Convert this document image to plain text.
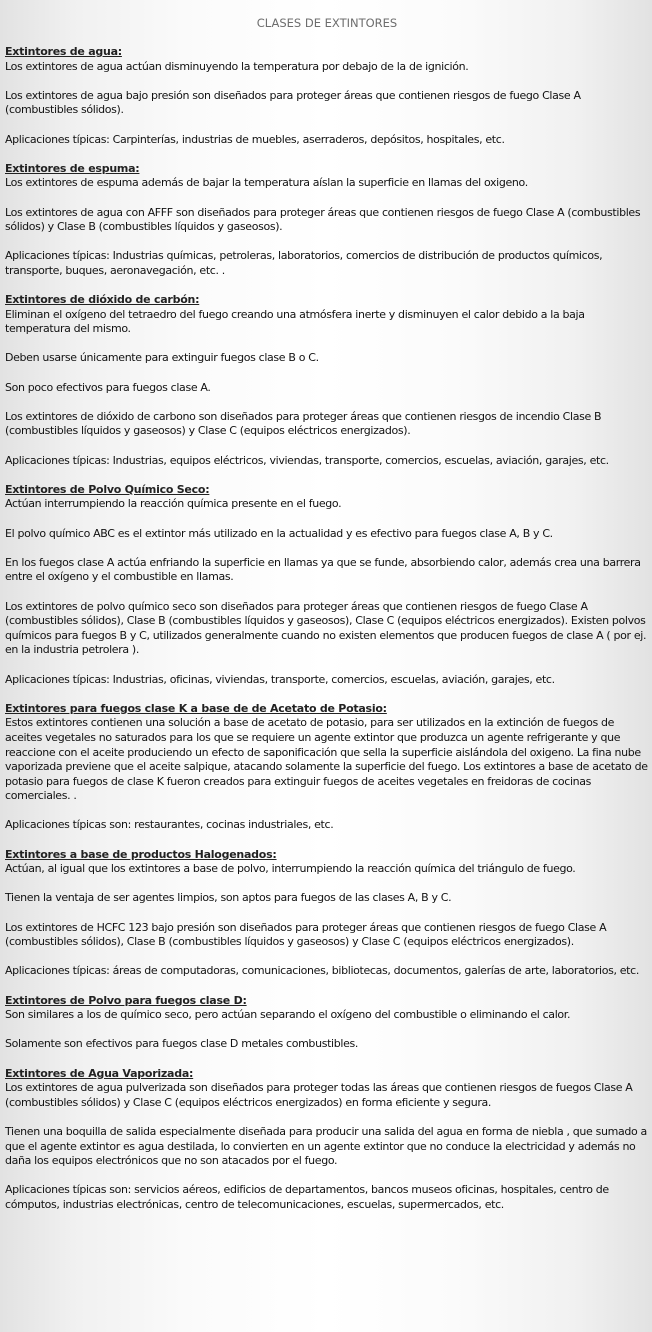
CLASES DE EXTINTORES
Extintores de agua:

Los extintores de agua actúan disminuyendo la temperatura por debajo de la de ignición.

Los extintores de agua bajo presión son diseñados para proteger áreas que contienen riesgos de fuego Clase A (combustibles sólidos).

Aplicaciones típicas: Carpinterías, industrias de muebles, aserraderos, depósitos, hospitales, etc.

Extintores de espuma:

Los extintores de espuma además de bajar la temperatura aíslan la superficie en llamas del oxigeno.

Los extintores de agua con AFFF son diseñados para proteger áreas que contienen riesgos de fuego Clase A (combustibles sólidos) y Clase B (combustibles líquidos y gaseosos).

Aplicaciones típicas: Industrias químicas, petroleras, laboratorios, comercios de distribución de productos químicos, transporte, buques, aeronavegación, etc. .

Extintores de dióxido de carbón:

Eliminan el oxígeno del tetraedro del fuego creando una atmósfera inerte y disminuyen el calor debido a la baja temperatura del mismo.

Deben usarse únicamente para extinguir fuegos clase B o C.

Son poco efectivos para fuegos clase A.

Los extintores de dióxido de carbono son diseñados para proteger áreas que contienen riesgos de incendio Clase B (combustibles líquidos y gaseosos) y Clase C (equipos eléctricos energizados).

Aplicaciones típicas: Industrias, equipos eléctricos, viviendas, transporte, comercios, escuelas, aviación, garajes, etc.

Extintores de Polvo Químico Seco:

Actúan interrumpiendo la reacción química presente en el fuego.

El polvo químico ABC es el extintor más utilizado en la actualidad y es efectivo para fuegos clase A, B y C.

En los fuegos clase A actúa enfriando la superficie en llamas ya que se funde, absorbiendo calor, además crea una barrera entre el oxígeno y el combustible en llamas.

Los extintores de polvo químico seco son diseñados para proteger áreas que contienen riesgos de fuego Clase A (combustibles sólidos), Clase B (combustibles líquidos y gaseosos), Clase C (equipos eléctricos energizados). Existen polvos químicos para fuegos B y C, utilizados generalmente cuando no existen elementos que producen fuegos de clase A ( por ej. en la industria petrolera ).

Aplicaciones típicas: Industrias, oficinas, viviendas, transporte, comercios, escuelas, aviación, garajes, etc.

Extintores para fuegos clase K a base de de Acetato de Potasio:

Estos extintores contienen una solución a base de acetato de potasio, para ser utilizados en la extinción de fuegos de aceites vegetales no saturados para los que se requiere un agente extintor que produzca un agente refrigerante y que reaccione con el aceite produciendo un efecto de saponificación que sella la superficie aislándola del oxigeno. La fina nube vaporizada previene que el aceite salpique, atacando solamente la superficie del fuego. Los extintores a base de acetato de potasio para fuegos de clase K fueron creados para extinguir fuegos de aceites vegetales en freidoras de cocinas comerciales. .

Aplicaciones típicas son: restaurantes, cocinas industriales, etc.

Extintores a base de productos Halogenados:

Actúan, al igual que los extintores a base de polvo, interrumpiendo la reacción química del triángulo de fuego.

Tienen la ventaja de ser agentes limpios, son aptos para fuegos de las clases A, B y C.

Los extintores de HCFC 123 bajo presión son diseñados para proteger áreas que contienen riesgos de fuego Clase A (combustibles sólidos), Clase B (combustibles líquidos y gaseosos) y Clase C (equipos eléctricos energizados).

Aplicaciones típicas: áreas de computadoras, comunicaciones, bibliotecas, documentos, galerías de arte, laboratorios, etc.

Extintores de Polvo para fuegos clase D:

Son similares a los de químico seco, pero actúan separando el oxígeno del combustible o eliminando el calor.

Solamente son efectivos para fuegos clase D metales combustibles.

Extintores de Agua Vaporizada:

Los extintores de agua pulverizada son diseñados para proteger todas las áreas que contienen riesgos de fuegos Clase A (combustibles sólidos) y Clase C (equipos eléctricos energizados) en forma eficiente y segura.

Tienen una boquilla de salida especialmente diseñada para producir una salida del agua en forma de niebla , que sumado a que el agente extintor es agua destilada, lo convierten en un agente extintor que no conduce la electricidad y además no daña los equipos electrónicos que no son atacados por el fuego.

Aplicaciones típicas son: servicios aéreos, edificios de departamentos, bancos museos oficinas, hospitales, centro de cómputos, industrias electrónicas, centro de telecomunicaciones, escuelas, supermercados, etc.
